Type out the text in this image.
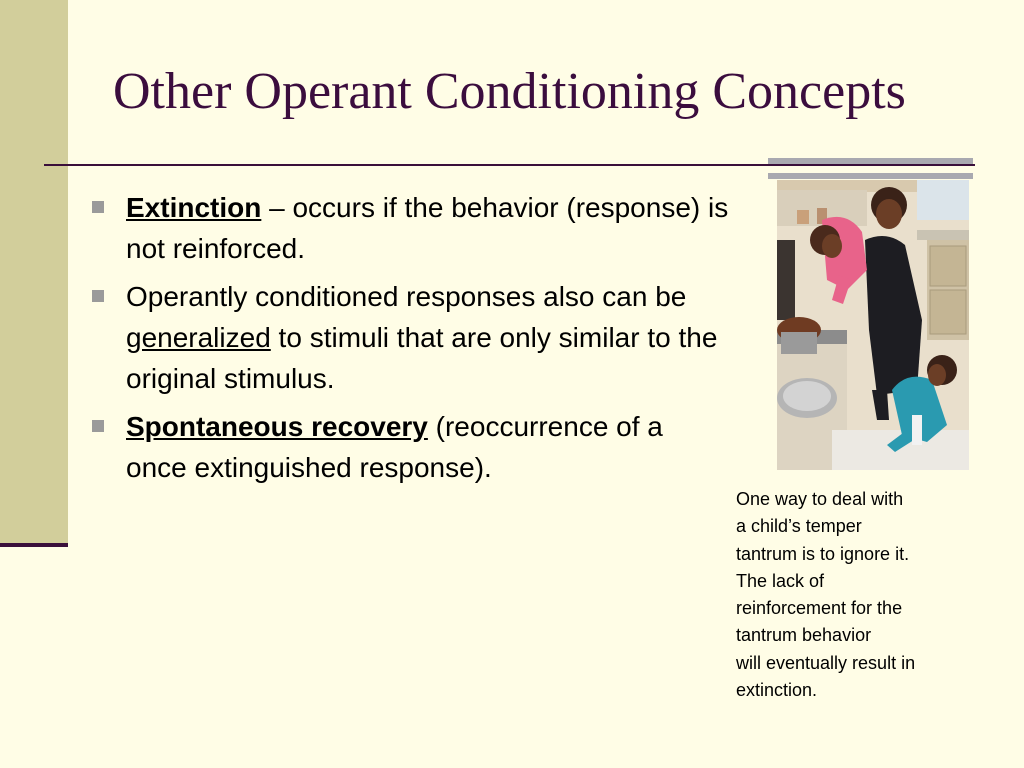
Other Operant Conditioning Concepts
Extinction – occurs if the behavior (response) is not reinforced.
Operantly conditioned responses also can be generalized to stimuli that are only similar to the original stimulus.
Spontaneous recovery (reoccurrence of a once extinguished response).
One way to deal with
a child’s temper
tantrum is to ignore it.
The lack of
reinforcement for the
tantrum behavior
will eventually result in
extinction.
